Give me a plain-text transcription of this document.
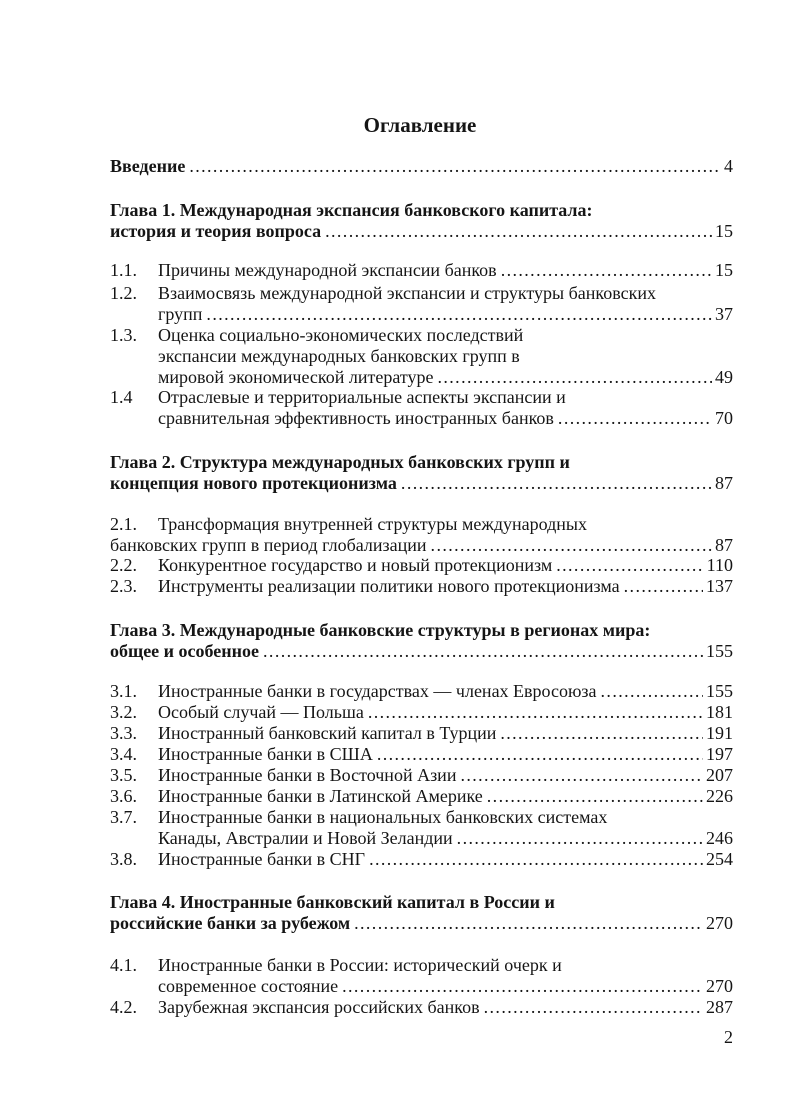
Оглавление
Введение .....	4
Глава 1. Международная экспансия банковского капитала:
история и теория вопроса .....	15
1.1. Причины международной экспансии банков .....	15
1.2.	Взаимосвязь международной экспансии и структуры банковских
групп .....	37
1.3.	Оценка социально-экономических последствий
экспансии международных банковских групп в
мировой экономической литературе .....	49
1.4	Отраслевые и территориальные аспекты экспансии и
сравнительная эффективность иностранных банков .....	70
Глава 2. Структура международных банковских групп и
концепция нового протекционизма .....	87
2.1.	Трансформация внутренней структуры международных
банковских групп в период глобализации .....	87
2.2. Конкурентное государство и новый протекционизм .....	110
2.3. Инструменты реализации политики нового протекционизма .....	137
Глава 3. Международные банковские структуры в регионах мира:
общее и особенное .....	155
3.1. Иностранные банки в государствах — членах Евросоюза .....	155
3.2. Особый случай — Польша .....	181
3.3. Иностранный банковский капитал в Турции .....	191
3.4. Иностранные банки в США .....	197
3.5. Иностранные банки в Восточной Азии .....	207
3.6. Иностранные банки в Латинской Америке .....	226
3.7.	Иностранные банки в национальных банковских системах
Канады, Австралии и Новой Зеландии .....	246
3.8. Иностранные банки в СНГ .....	254
Глава 4. Иностранные банковский капитал в России и
российские банки за рубежом .....	270
4.1.	Иностранные банки в России: исторический очерк и
современное состояние .....	270
4.2. Зарубежная экспансия российских банков .....	287
2
